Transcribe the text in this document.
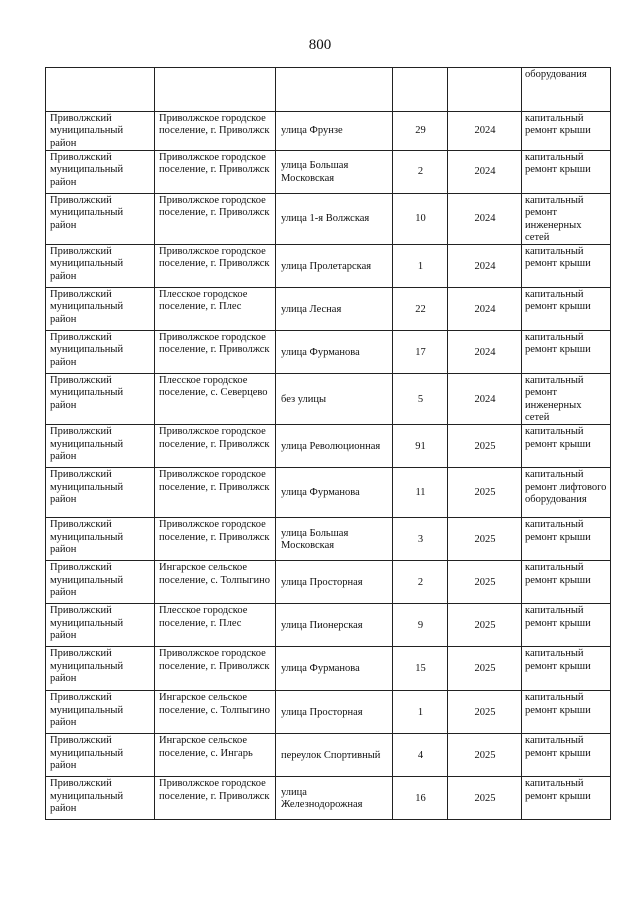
800
					оборудования
Приволжский муниципальный район	Приволжское городское поселение, г. Приволжск	улица Фрунзе	29	2024	капитальный ремонт крыши
Приволжский муниципальный район	Приволжское городское поселение, г. Приволжск	улица Большая Московская	2	2024	капитальный ремонт крыши
Приволжский муниципальный район	Приволжское городское поселение, г. Приволжск	улица 1-я Волжская	10	2024	капитальный ремонт инженерных сетей
Приволжский муниципальный район	Приволжское городское поселение, г. Приволжск	улица Пролетарская	1	2024	капитальный ремонт крыши
Приволжский муниципальный район	Плесское городское поселение, г. Плес	улица Лесная	22	2024	капитальный ремонт крыши
Приволжский муниципальный район	Приволжское городское поселение, г. Приволжск	улица Фурманова	17	2024	капитальный ремонт крыши
Приволжский муниципальный район	Плесское городское поселение, с. Северцево	без улицы	5	2024	капитальный ремонт инженерных сетей
Приволжский муниципальный район	Приволжское городское поселение, г. Приволжск	улица Революционная	91	2025	капитальный ремонт крыши
Приволжский муниципальный район	Приволжское городское поселение, г. Приволжск	улица Фурманова	11	2025	капитальный ремонт лифтового оборудования
Приволжский муниципальный район	Приволжское городское поселение, г. Приволжск	улица Большая Московская	3	2025	капитальный ремонт крыши
Приволжский муниципальный район	Ингарское сельское поселение, с. Толпыгино	улица Просторная	2	2025	капитальный ремонт крыши
Приволжский муниципальный район	Плесское городское поселение, г. Плес	улица Пионерская	9	2025	капитальный ремонт крыши
Приволжский муниципальный район	Приволжское городское поселение, г. Приволжск	улица Фурманова	15	2025	капитальный ремонт крыши
Приволжский муниципальный район	Ингарское сельское поселение, с. Толпыгино	улица Просторная	1	2025	капитальный ремонт крыши
Приволжский муниципальный район	Ингарское сельское поселение, с. Ингарь	переулок Спортивный	4	2025	капитальный ремонт крыши
Приволжский муниципальный район	Приволжское городское поселение, г. Приволжск	улица Железнодорожная	16	2025	капитальный ремонт крыши
